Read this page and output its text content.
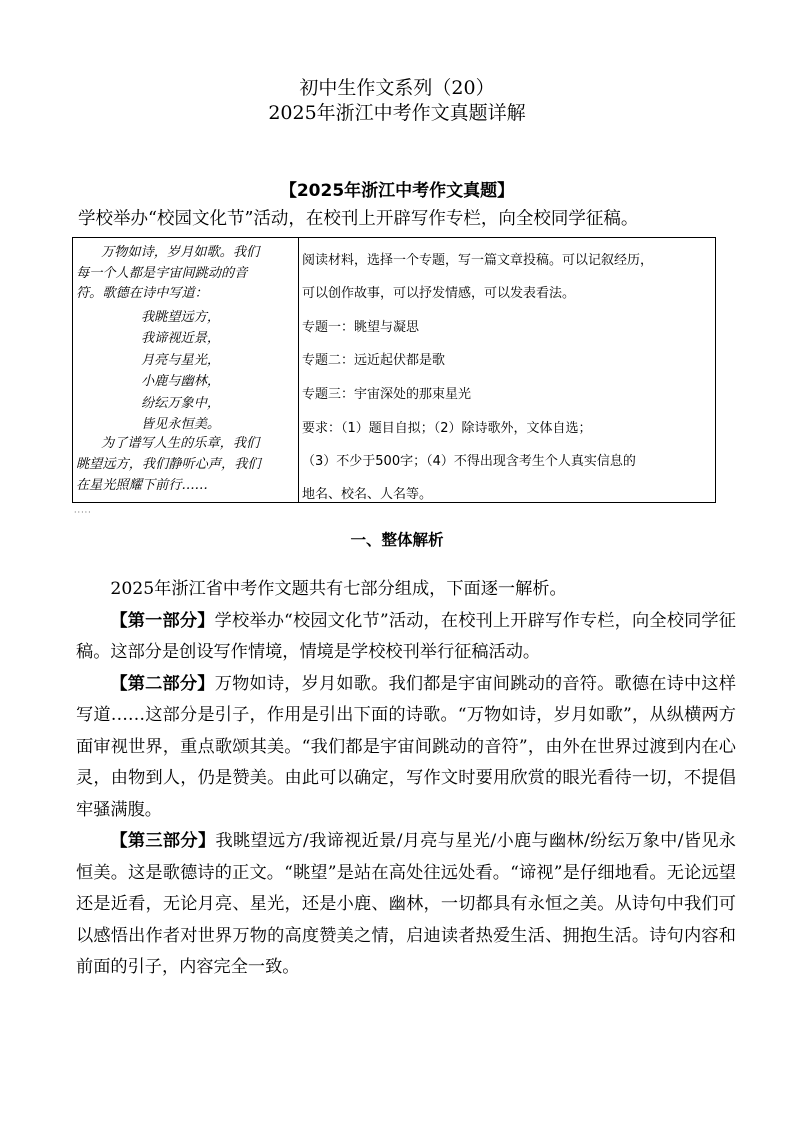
初中生作文系列（20）
2025年浙江中考作文真题详解
【2025年浙江中考作文真题】
学校举办“校园文化节”活动，在校刊上开辟写作专栏，向全校同学征稿。
万物如诗，岁月如歌。我们
每一个人都是宇宙间跳动的音
符。歌德在诗中写道：
我眺望远方，
我谛视近景，
月亮与星光，
小鹿与幽林，
纷纭万象中，
皆见永恒美。
为了谱写人生的乐章，我们
眺望远方，我们静听心声，我们
在星光照耀下前行……
阅读材料，选择一个专题，写一篇文章投稿。可以记叙经历，
可以创作故事，可以抒发情感，可以发表看法。
专题一：眺望与凝思
专题二：远近起伏都是歌
专题三：宇宙深处的那束星光
要求：（1）题目自拟；（2）除诗歌外，文体自选；
（3）不少于500字；（4）不得出现含考生个人真实信息的
地名、校名、人名等。
·····
一、整体解析

2025年浙江省中考作文题共有七部分组成，下面逐一解析。

【第一部分】学校举办“校园文化节”活动，在校刊上开辟写作专栏，向全校同学征稿。这部分是创设写作情境，情境是学校校刊举行征稿活动。

【第二部分】万物如诗，岁月如歌。我们都是宇宙间跳动的音符。歌德在诗中这样写道……这部分是引子，作用是引出下面的诗歌。“万物如诗，岁月如歌”，从纵横两方面审视世界，重点歌颂其美。“我们都是宇宙间跳动的音符”，由外在世界过渡到内在心灵，由物到人，仍是赞美。由此可以确定，写作文时要用欣赏的眼光看待一切，不提倡牢骚满腹。

【第三部分】我眺望远方/我谛视近景/月亮与星光/小鹿与幽林/纷纭万象中/皆见永恒美。这是歌德诗的正文。“眺望”是站在高处往远处看。“谛视”是仔细地看。无论远望还是近看，无论月亮、星光，还是小鹿、幽林，一切都具有永恒之美。从诗句中我们可以感悟出作者对世界万物的高度赞美之情，启迪读者热爱生活、拥抱生活。诗句内容和前面的引子，内容完全一致。
